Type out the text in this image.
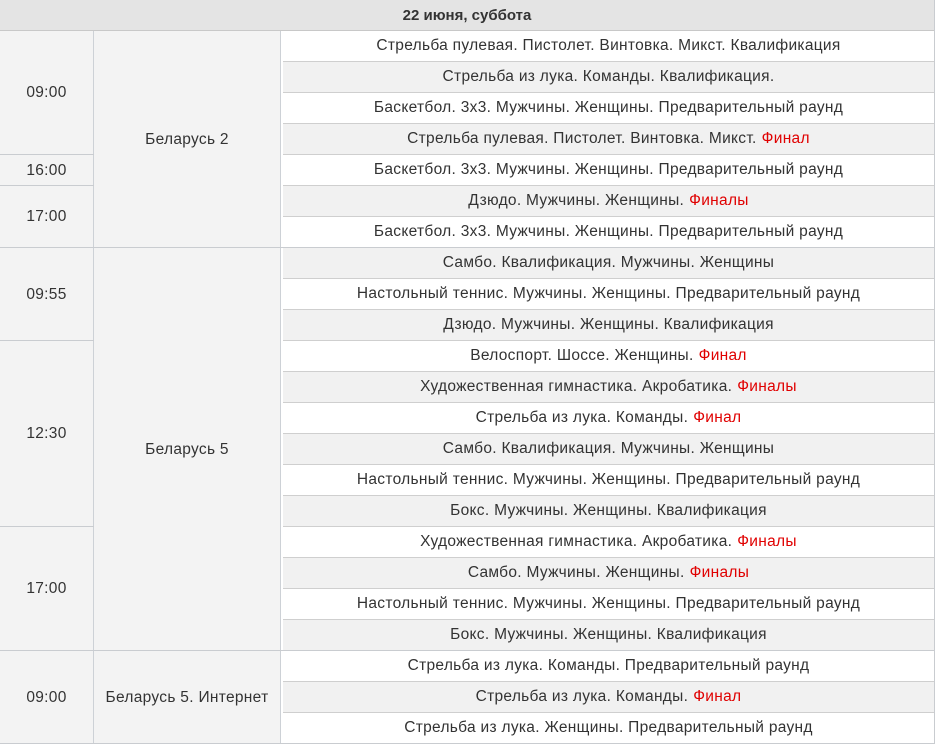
22 июня, суббота
Стрельба пулевая. Пистолет. Винтовка. Микст. Квалификация
Стрельба из лука. Команды. Квалификация.
Баскетбол. 3х3. Мужчины. Женщины. Предварительный раунд
Стрельба пулевая. Пистолет. Винтовка. Микст. Финал
09:00
Баскетбол. 3х3. Мужчины. Женщины. Предварительный раунд
16:00
Дзюдо. Мужчины. Женщины. Финалы
Баскетбол. 3х3. Мужчины. Женщины. Предварительный раунд
17:00
Беларусь 2
Самбо. Квалификация. Мужчины. Женщины
Настольный теннис. Мужчины. Женщины. Предварительный раунд
Дзюдо. Мужчины. Женщины. Квалификация
09:55
Велоспорт. Шоссе. Женщины. Финал
Художественная гимнастика. Акробатика. Финалы
Стрельба из лука. Команды. Финал
Самбо. Квалификация. Мужчины. Женщины
Настольный теннис. Мужчины. Женщины. Предварительный раунд
Бокс. Мужчины. Женщины. Квалификация
12:30
Художественная гимнастика. Акробатика. Финалы
Самбо. Мужчины. Женщины. Финалы
Настольный теннис. Мужчины. Женщины. Предварительный раунд
Бокс. Мужчины. Женщины. Квалификация
17:00
Беларусь 5
Стрельба из лука. Команды. Предварительный раунд
Стрельба из лука. Команды. Финал
Стрельба из лука. Женщины. Предварительный раунд
09:00	Беларусь 5. Интернет
